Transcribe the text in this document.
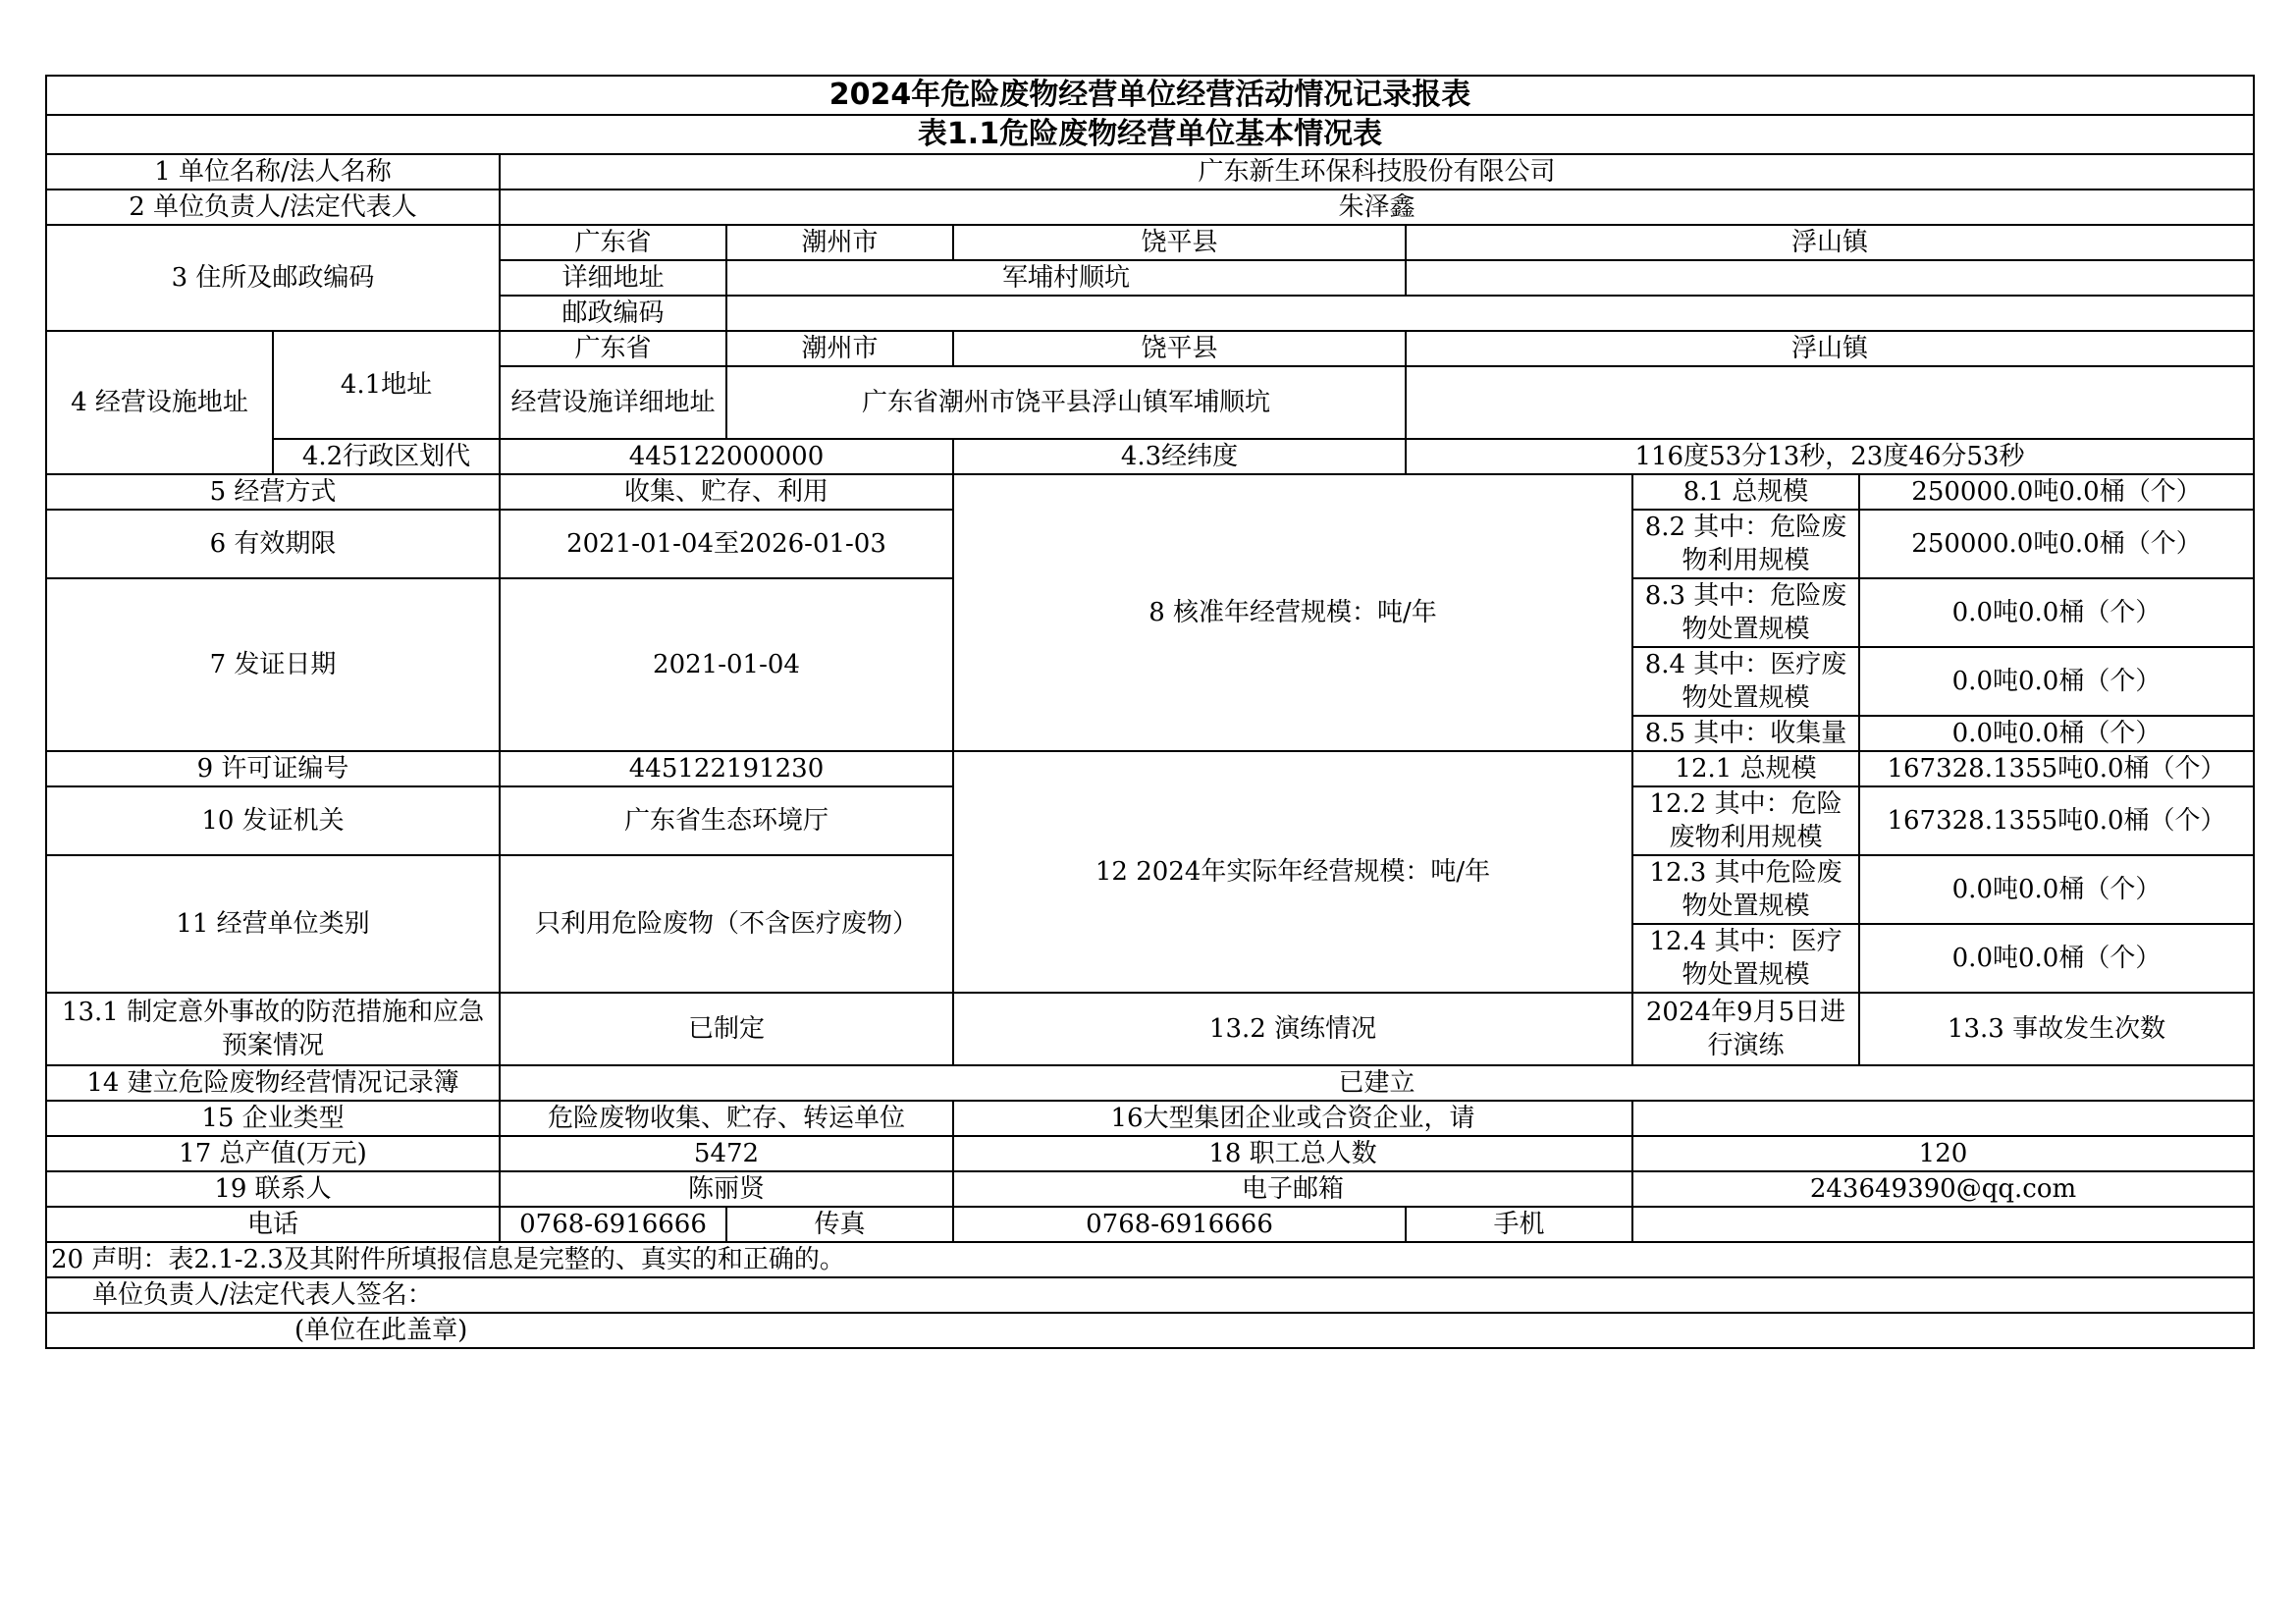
2024年危险废物经营单位经营活动情况记录报表								
表1.1危险废物经营单位基本情况表								
1 单位名称/法人名称		广东新生环保科技股份有限公司						
2 单位负责人/法定代表人		朱泽鑫						
3 住所及邮政编码		广东省	潮州市	饶平县	浮山镇			
		详细地址	军埔村顺坑					
		邮政编码						
4 经营设施地址	4.1地址	广东省	潮州市	饶平县	浮山镇			
		经营设施详细地址	广东省潮州市饶平县浮山镇军埔顺坑					
	4.2行政区划代	445122000000		4.3经纬度	116度53分13秒，23度46分53秒			
5 经营方式		收集、贮存、利用		8 核准年经营规模：吨/年		8.1 总规模	250000.0吨0.0桶（个）	
6 有效期限		2021-01-04至2026-01-03				8.2 其中：危险废物利用规模	250000.0吨0.0桶（个）	

7 发证日期		2021-01-04				8.3 其中：危险废物处置规模	0.0吨0.0桶（个）	

						8.4 其中：医疗废物处置规模	0.0吨0.0桶（个）	

						8.5 其中：收集量	0.0吨0.0桶（个）	

9 许可证编号		445122191230		12 2024年实际年经营规模：吨/年		12.1 总规模	167328.1355吨0.0桶（个）	
10 发证机关		广东省生态环境厅				12.2 其中：危险废物利用规模	167328.1355吨0.0桶（个）	

11 经营单位类别		只利用危险废物（不含医疗废物）				12.3 其中危险废物处置规模	0.0吨0.0桶（个）	

						12.4 其中：医疗物处置规模	0.0吨0.0桶（个）	

13.1 制定意外事故的防范措施和应急预案情况		已制定		13.2 演练情况		2024年9月5日进行演练	13.3 事故发生次数	
14 建立危险废物经营情况记录簿		已建立						
15 企业类型		危险废物收集、贮存、转运单位		16大型集团企业或合资企业，请				
17 总产值(万元)		5472		18 职工总人数		120		
19 联系人		陈丽贤		电子邮箱		243649390@qq.com		
电话		0768-6916666	传真	0768-6916666	手机			
20 声明：表2.1-2.3及其附件所填报信息是完整的、真实的和正确的。								
单位负责人/法定代表人签名：								
(单位在此盖章)								
